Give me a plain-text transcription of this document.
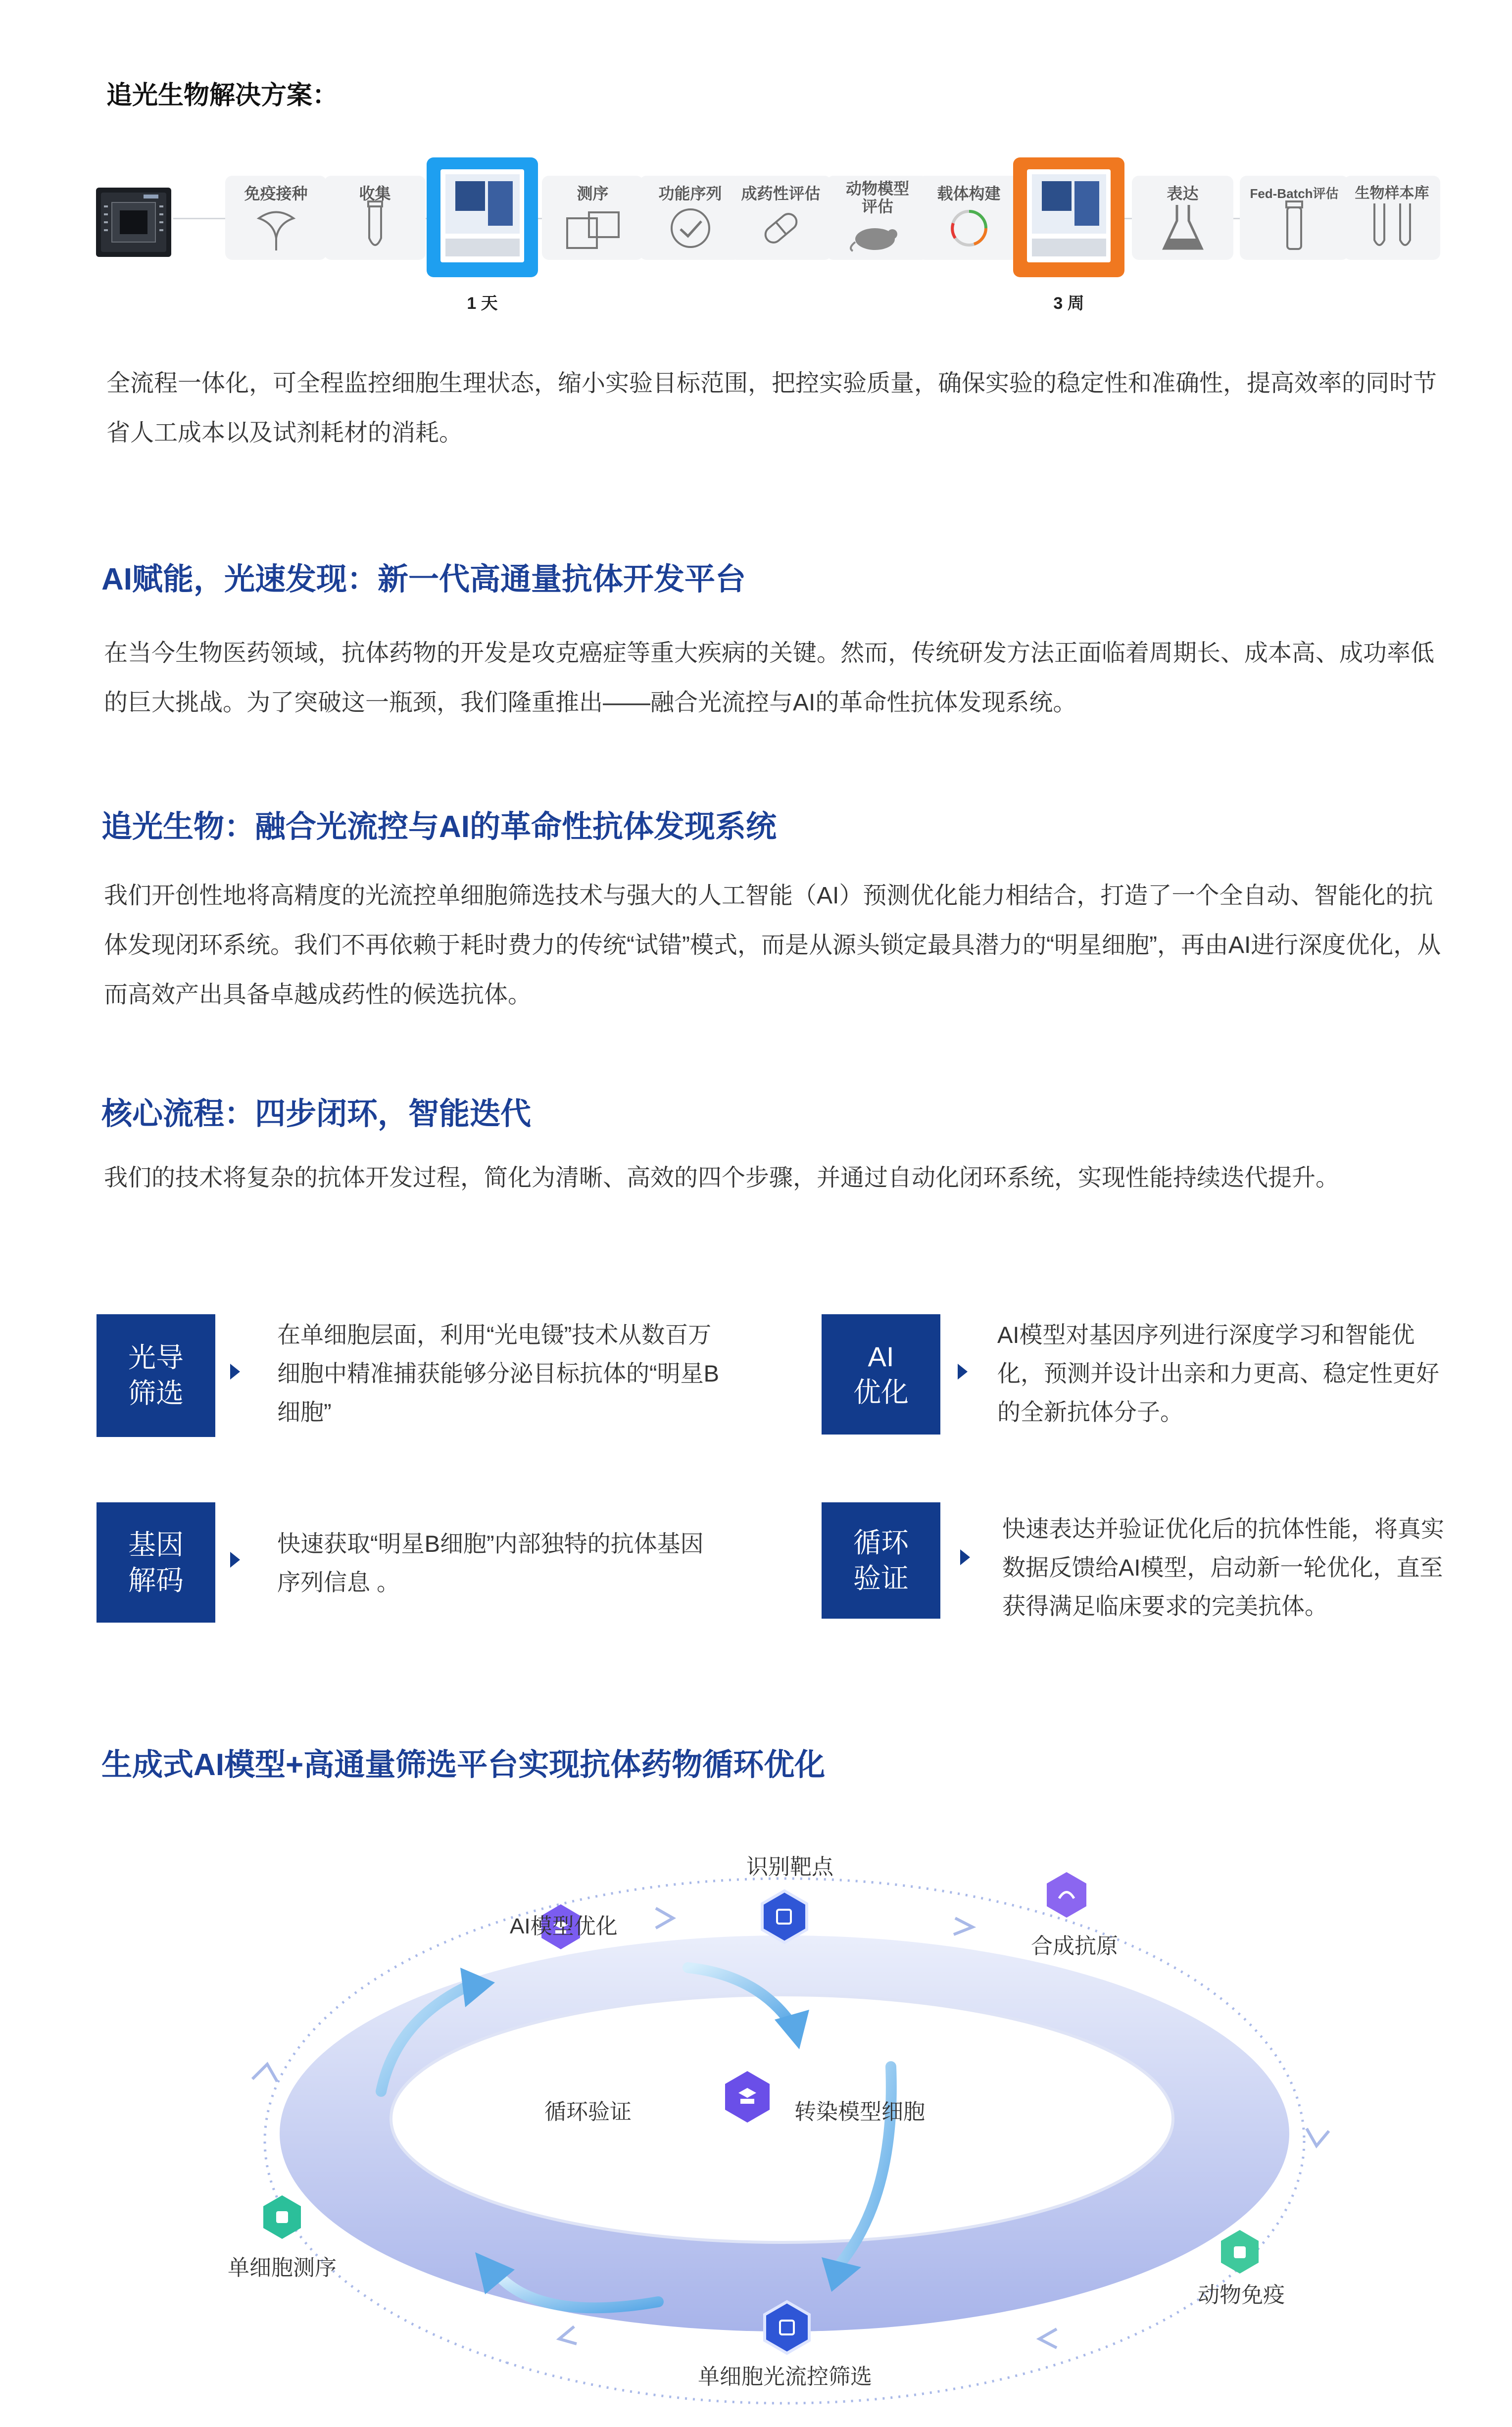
追光生物解决方案：
免疫接种	收集
1 天
测序	功能序列	成药性评估	动物模型评估
载体构建
3 周
表达	Fed-Batch评估	生物样本库
全流程一体化，可全程监控细胞生理状态，缩小实验目标范围，把控实验质量，确保实验的稳定性和准确性，提高效率的同时节省人工成本以及试剂耗材的消耗。
AI赋能，光速发现：新一代高通量抗体开发平台
在当今生物医药领域，抗体药物的开发是攻克癌症等重大疾病的关键。然而，传统研发方法正面临着周期长、成本高、成功率低的巨大挑战。为了突破这一瓶颈，我们隆重推出——融合光流控与AI的革命性抗体发现系统。
追光生物：融合光流控与AI的革命性抗体发现系统
我们开创性地将高精度的光流控单细胞筛选技术与强大的人工智能（AI）预测优化能力相结合，打造了一个全自动、智能化的抗体发现闭环系统。我们不再依赖于耗时费力的传统“试错”模式，而是从源头锁定最具潜力的“明星细胞”，再由AI进行深度优化，从而高效产出具备卓越成药性的候选抗体。
核心流程：四步闭环，智能迭代
我们的技术将复杂的抗体开发过程，简化为清晰、高效的四个步骤，并通过自动化闭环系统，实现性能持续迭代提升。
光导
筛选
在单细胞层面，利用“光电镊”技术从数百万细胞中精准捕获能够分泌目标抗体的“明星B细胞”
AI
优化
AI模型对基因序列进行深度学习和智能优化，预测并设计出亲和力更高、稳定性更好的全新抗体分子。
基因
解码
快速获取“明星B细胞”内部独特的抗体基因序列信息 。
循环
验证
快速表达并验证优化后的抗体性能，将真实数据反馈给AI模型，启动新一轮优化，直至获得满足临床要求的完美抗体。
生成式AI模型+高通量筛选平台实现抗体药物循环优化
识别靶点
AI模型优化
合成抗原
循环验证	转染模型细胞
单细胞测序
动物免疫
单细胞光流控筛选
